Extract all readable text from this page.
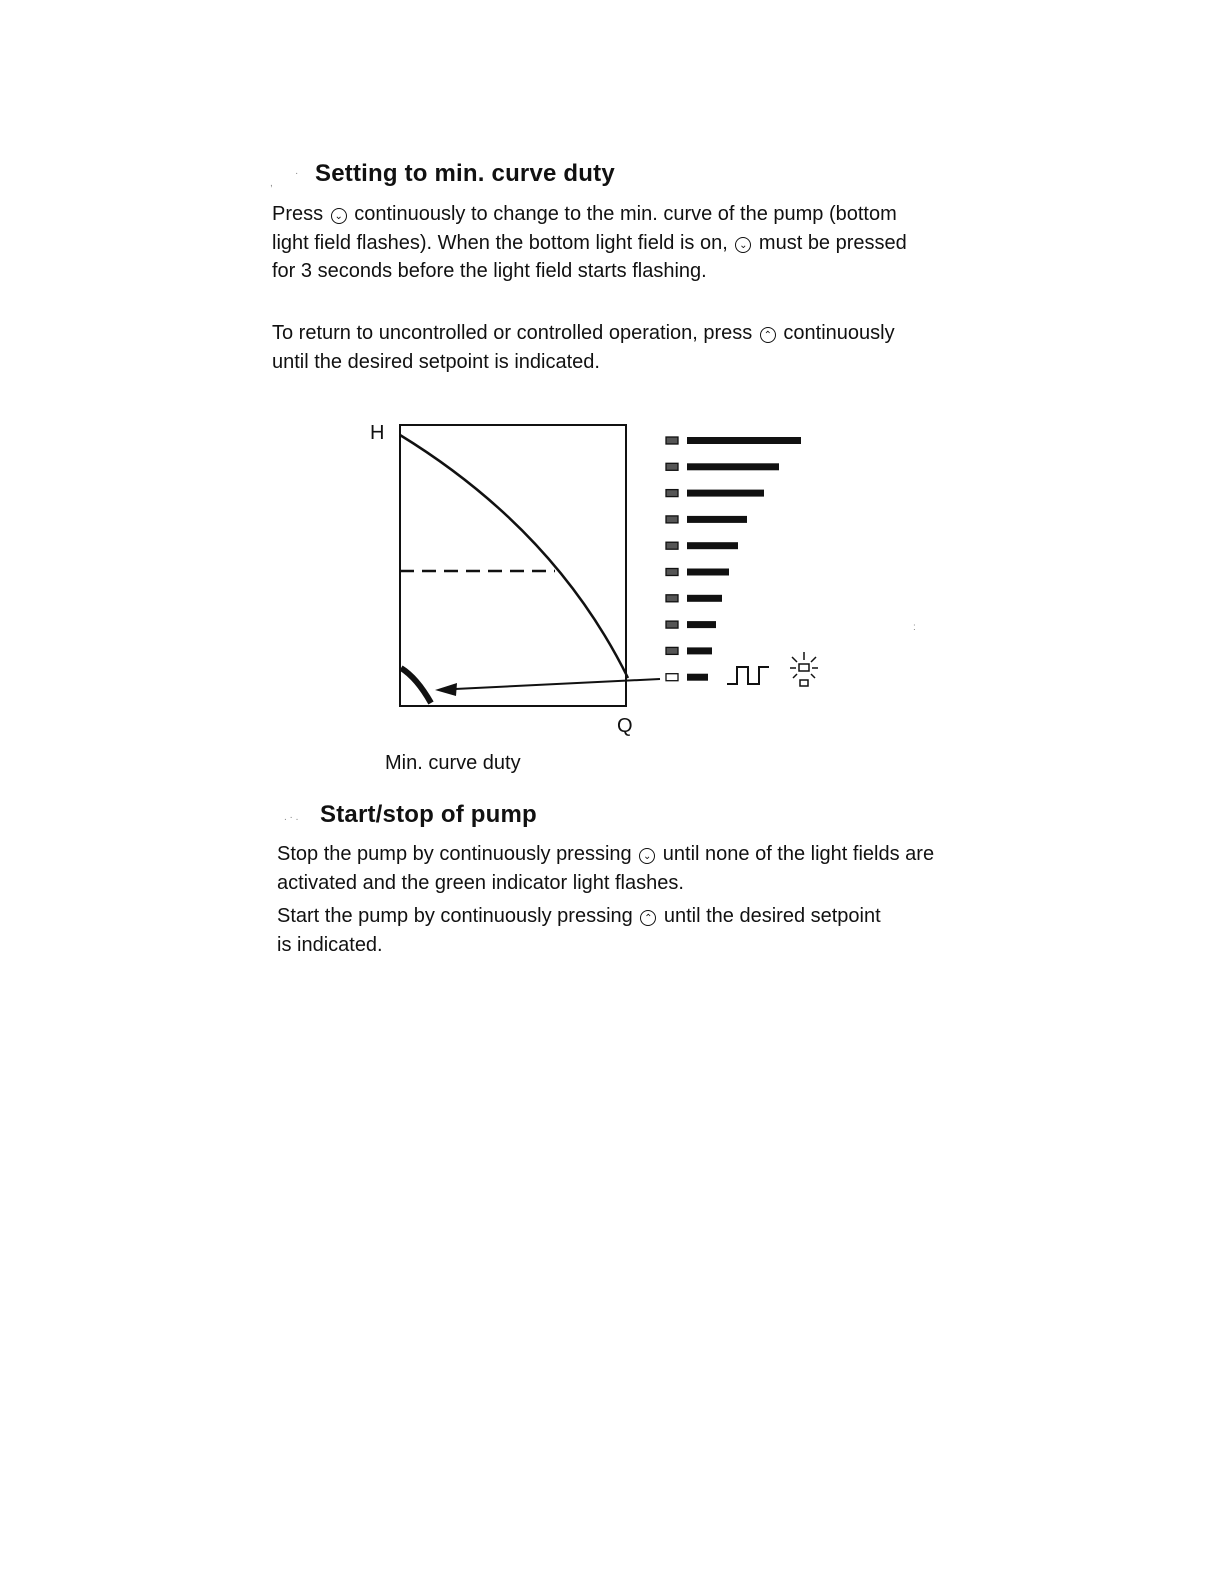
,
·
. · .
:
Setting to min. curve duty

Press ⌄ continuously to change to the min. curve of the pump (bottom light field flashes). When the bottom light field is on, ⌄ must be pressed for 3 seconds before the light field starts flashing.

To return to uncontrolled or controlled operation, press ⌃ continuously until the desired setpoint is indicated.

H
Q
Min. curve duty
Start/stop of pump

Stop the pump by continuously pressing ⌄ until none of the light fields are activated and the green indicator light flashes.

Start the pump by continuously pressing ⌃ until the desired setpoint is indicated.
